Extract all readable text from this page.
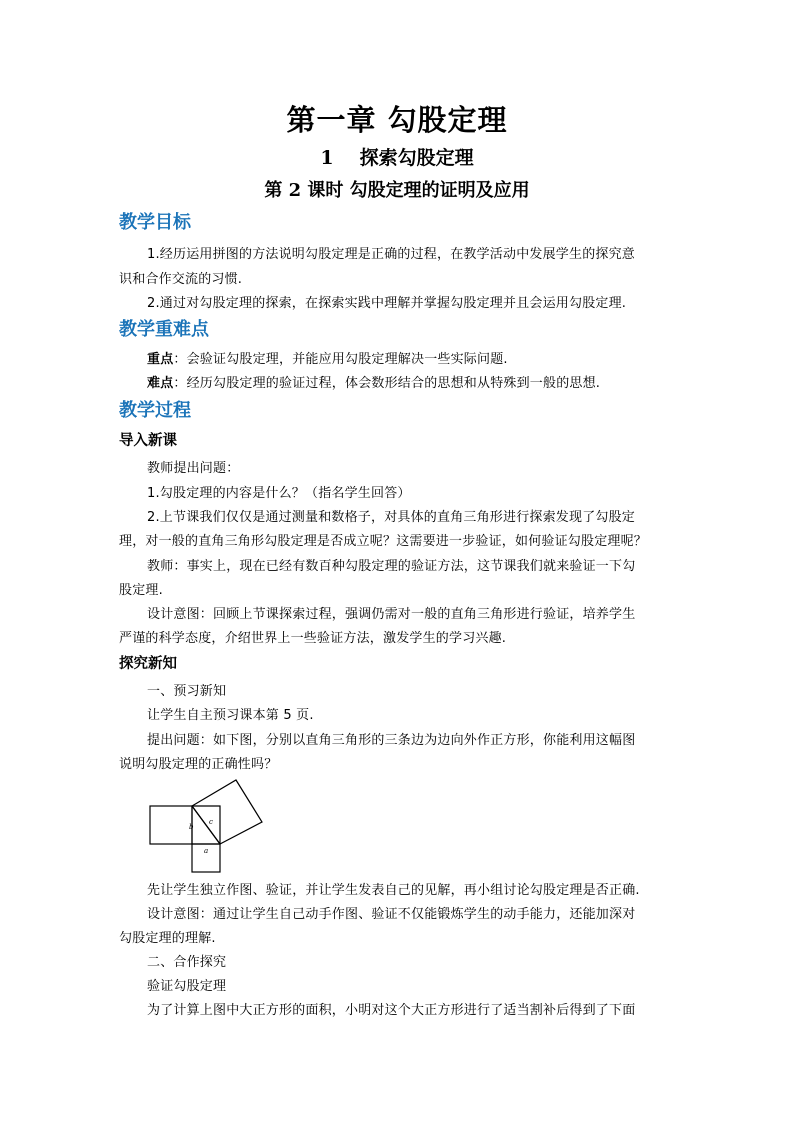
第一章 勾股定理
1 探索勾股定理
第 2 课时 勾股定理的证明及应用
教学目标
1.经历运用拼图的方法说明勾股定理是正确的过程，在教学活动中发展学生的探究意
识和合作交流的习惯.
2.通过对勾股定理的探索，在探索实践中理解并掌握勾股定理并且会运用勾股定理.
教学重难点
重点：会验证勾股定理，并能应用勾股定理解决一些实际问题.
难点：经历勾股定理的验证过程，体会数形结合的思想和从特殊到一般的思想.
教学过程
导入新课
教师提出问题：
1.勾股定理的内容是什么？（指名学生回答）
2.上节课我们仅仅是通过测量和数格子，对具体的直角三角形进行探索发现了勾股定
理，对一般的直角三角形勾股定理是否成立呢？这需要进一步验证，如何验证勾股定理呢？
教师：事实上，现在已经有数百种勾股定理的验证方法，这节课我们就来验证一下勾
股定理.
设计意图：回顾上节课探索过程，强调仍需对一般的直角三角形进行验证，培养学生
严谨的科学态度，介绍世界上一些验证方法，激发学生的学习兴趣.
探究新知
一、预习新知
让学生自主预习课本第 5 页.
提出问题：如下图，分别以直角三角形的三条边为边向外作正方形，你能利用这幅图
说明勾股定理的正确性吗？
b
c
a
先让学生独立作图、验证，并让学生发表自己的见解，再小组讨论勾股定理是否正确.
设计意图：通过让学生自己动手作图、验证不仅能锻炼学生的动手能力，还能加深对
勾股定理的理解.
二、合作探究
验证勾股定理
为了计算上图中大正方形的面积，小明对这个大正方形进行了适当割补后得到了下面
